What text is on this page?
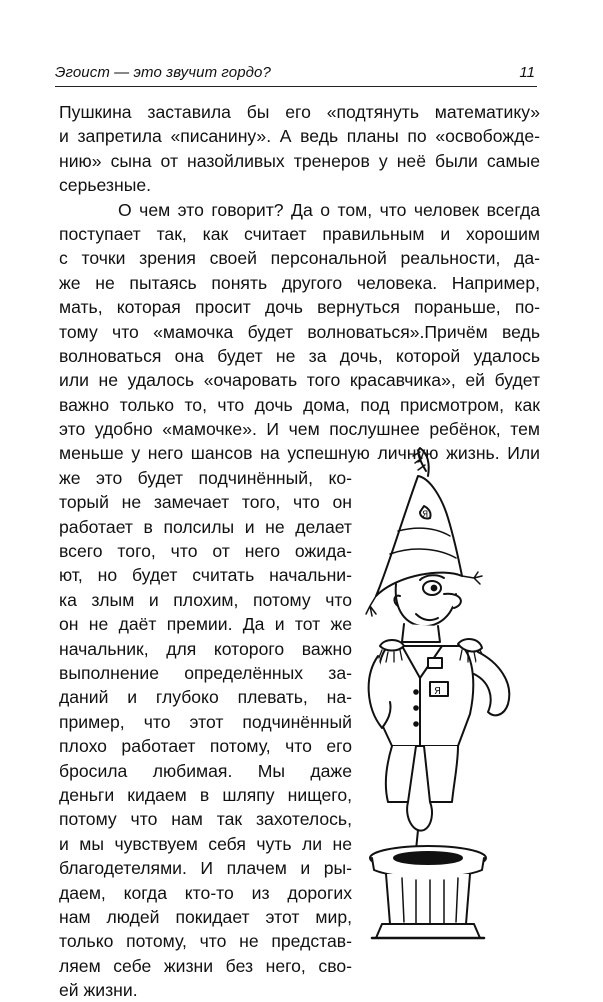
Эгоист — это звучит гордо?	11
Пушкина заставила бы его «подтянуть математику»
и запретила «писанину». А ведь планы по «освобожде-
нию» сына от назойливых тренеров у неё были самые
серьезные.
О чем это говорит? Да о том, что человек всегда
поступает так, как считает правильным и хорошим
с точки зрения своей персональной реальности, да-
же не пытаясь понять другого человека. Например,
мать, которая просит дочь вернуться пораньше, по-
тому что «мамочка будет волноваться».Причём ведь
волноваться она будет не за дочь, которой удалось
или не удалось «очаровать того красавчика», ей будет
важно только то, что дочь дома, под присмотром, как
это удобно «мамочке». И чем послушнее ребёнок, тем
меньше у него шансов на успешную личную жизнь. Или
же это будет подчинённый, ко-
торый не замечает того, что он
работает в полсилы и не делает
всего того, что от него ожида-
ют, но будет считать начальни-
ка злым и плохим, потому что
он не даёт премии. Да и тот же
начальник, для которого важно
выполнение определённых за-
даний и глубоко плевать, на-
пример, что этот подчинённый
плохо работает потому, что его
бросила любимая. Мы даже
деньги кидаем в шляпу нищего,
потому что нам так захотелось,
и мы чувствуем себя чуть ли не
благодетелями. И плачем и ры-
даем, когда кто-то из дорогих
нам людей покидает этот мир,
только потому, что не представ-
ляем себе жизни без него, сво-
ей жизни.
Я
Я
